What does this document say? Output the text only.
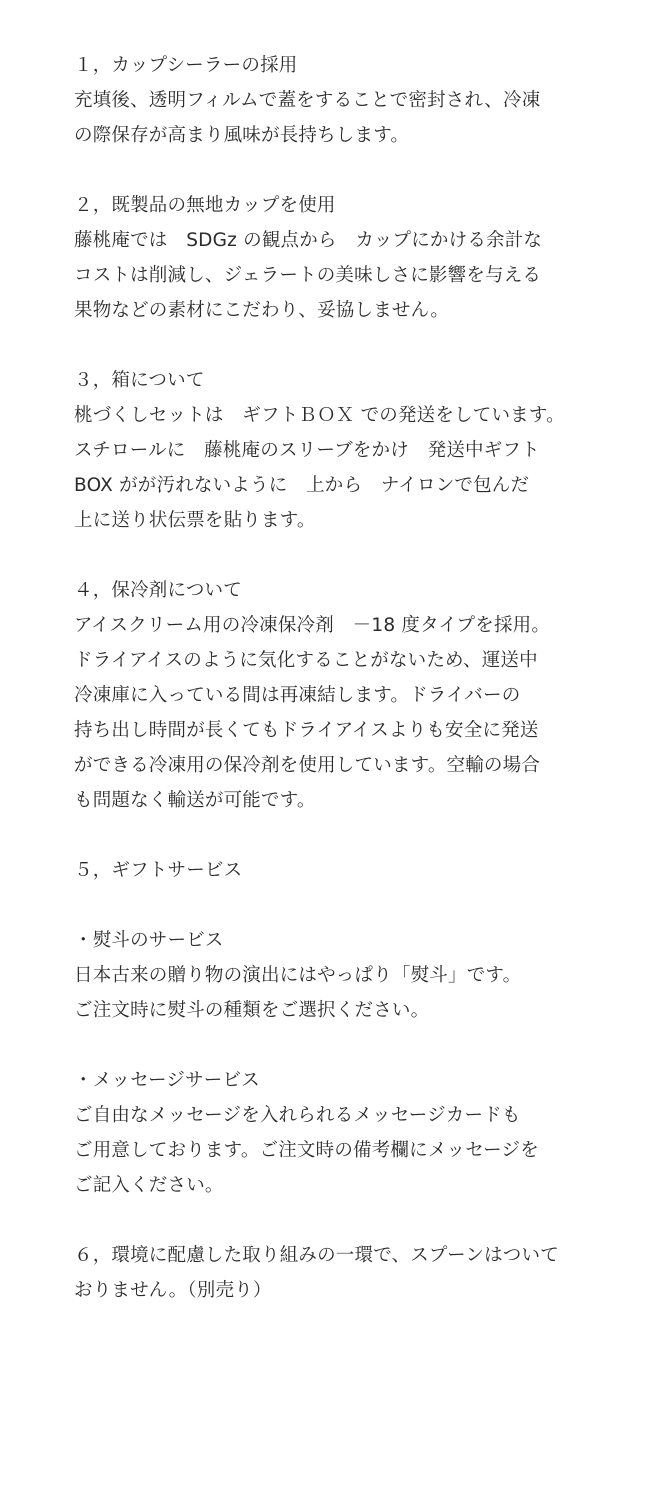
１，カップシーラーの採用
充填後、透明フィルムで蓋をすることで密封され、冷凍
の際保存が高まり風味が長持ちします。
２，既製品の無地カップを使用
藤桃庵では　SDGz の観点から　カップにかける余計な
コストは削減し、ジェラートの美味しさに影響を与える
果物などの素材にこだわり、妥協しません。
３，箱について
桃づくしセットは　ギフトＢＯＸ での発送をしています。
スチロールに　藤桃庵のスリーブをかけ　発送中ギフト
BOX がが汚れないように　上から　ナイロンで包んだ
上に送り状伝票を貼ります。
４，保冷剤について
アイスクリーム用の冷凍保冷剤　－18 度タイプを採用。
ドライアイスのように気化することがないため、運送中
冷凍庫に入っている間は再凍結します。ドライバーの
持ち出し時間が長くてもドライアイスよりも安全に発送
ができる冷凍用の保冷剤を使用しています。空輸の場合
も問題なく輸送が可能です。
５，ギフトサービス
・熨斗のサービス
日本古来の贈り物の演出にはやっぱり「熨斗」です。
ご注文時に熨斗の種類をご選択ください。
・メッセージサービス
ご自由なメッセージを入れられるメッセージカードも
ご用意しております。ご注文時の備考欄にメッセージを
ご記入ください。
６，環境に配慮した取り組みの一環で、スプーンはついて
おりません。（別売り）
